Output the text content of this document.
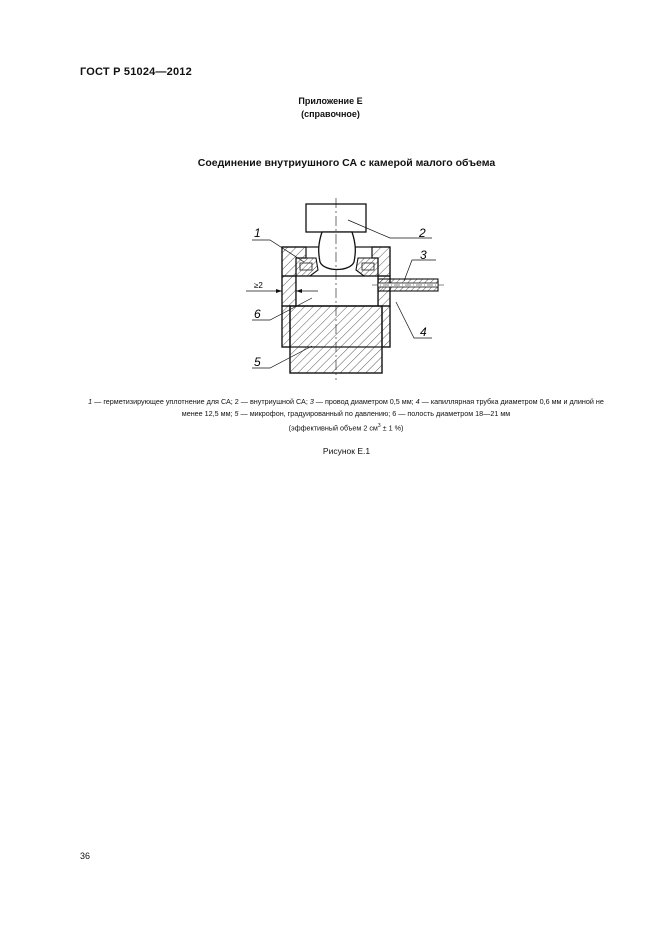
ГОСТ Р 51024—2012
Приложение Е
(справочное)
Соединение внутриушного СА с камерой малого объема
≥2
1	2
3
4
5
6
1 — герметизирующее уплотнение для СА; 2 — внутриушной СА; 3 — провод диаметром 0,5 мм; 4 — капиллярная трубка диаметром 0,6 мм и длиной не менее 12,5 мм; 5 — микрофон, градуированный по давлению; 6 — полость диаметром 18—21 мм
(эффективный объем 2 $см^3 \pm 1$ %)
Рисунок Е.1
36
